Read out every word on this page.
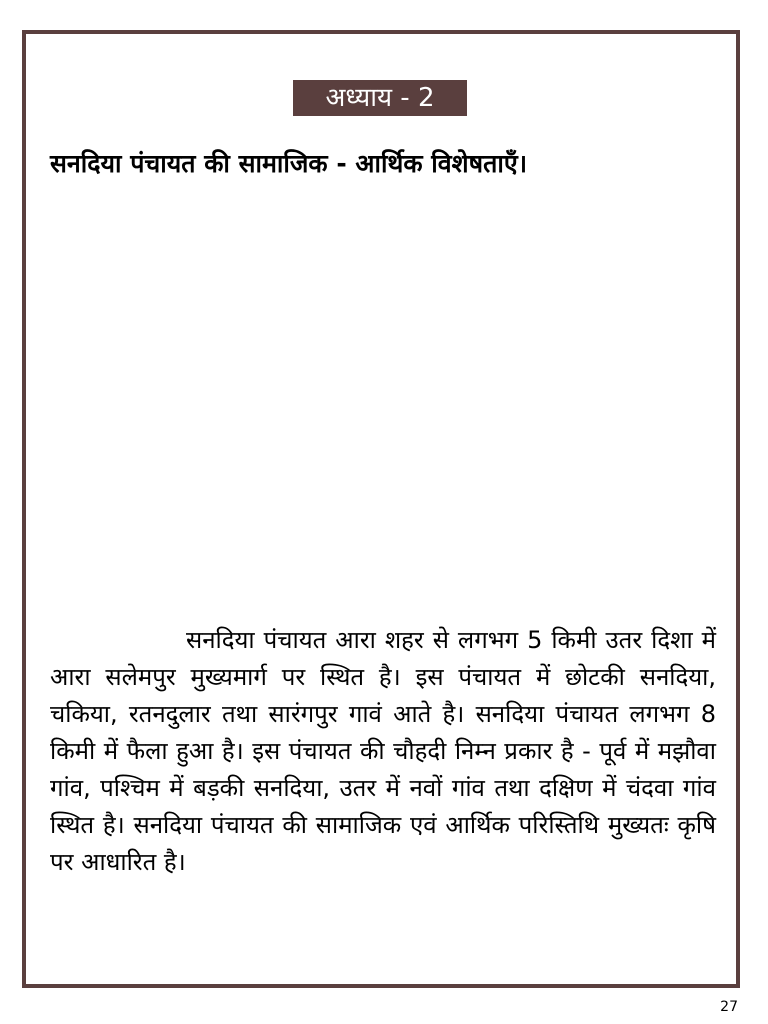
अध्याय - 2
सनदिया पंचायत की सामाजिक - आर्थिक विशेषताएँ।

सनदिया पंचायत आरा शहर से लगभग 5 किमी उतर दिशा में आरा सलेमपुर मुख्यमार्ग पर स्थित है। इस पंचायत में छोटकी सनदिया, चकिया, रतनदुलार तथा सारंगपुर गावं आते है। सनदिया पंचायत लगभग 8 किमी में फैला हुआ है। इस पंचायत की चौहदी निम्न प्रकार है - पूर्व में मझौवा गांव, पश्चिम में बड़की सनदिया, उतर में नवों गांव तथा दक्षिण में चंदवा गांव स्थित है। सनदिया पंचायत की सामाजिक एवं आर्थिक परिस्तिथि मुख्यतः कृषि पर आधारित है।

27
